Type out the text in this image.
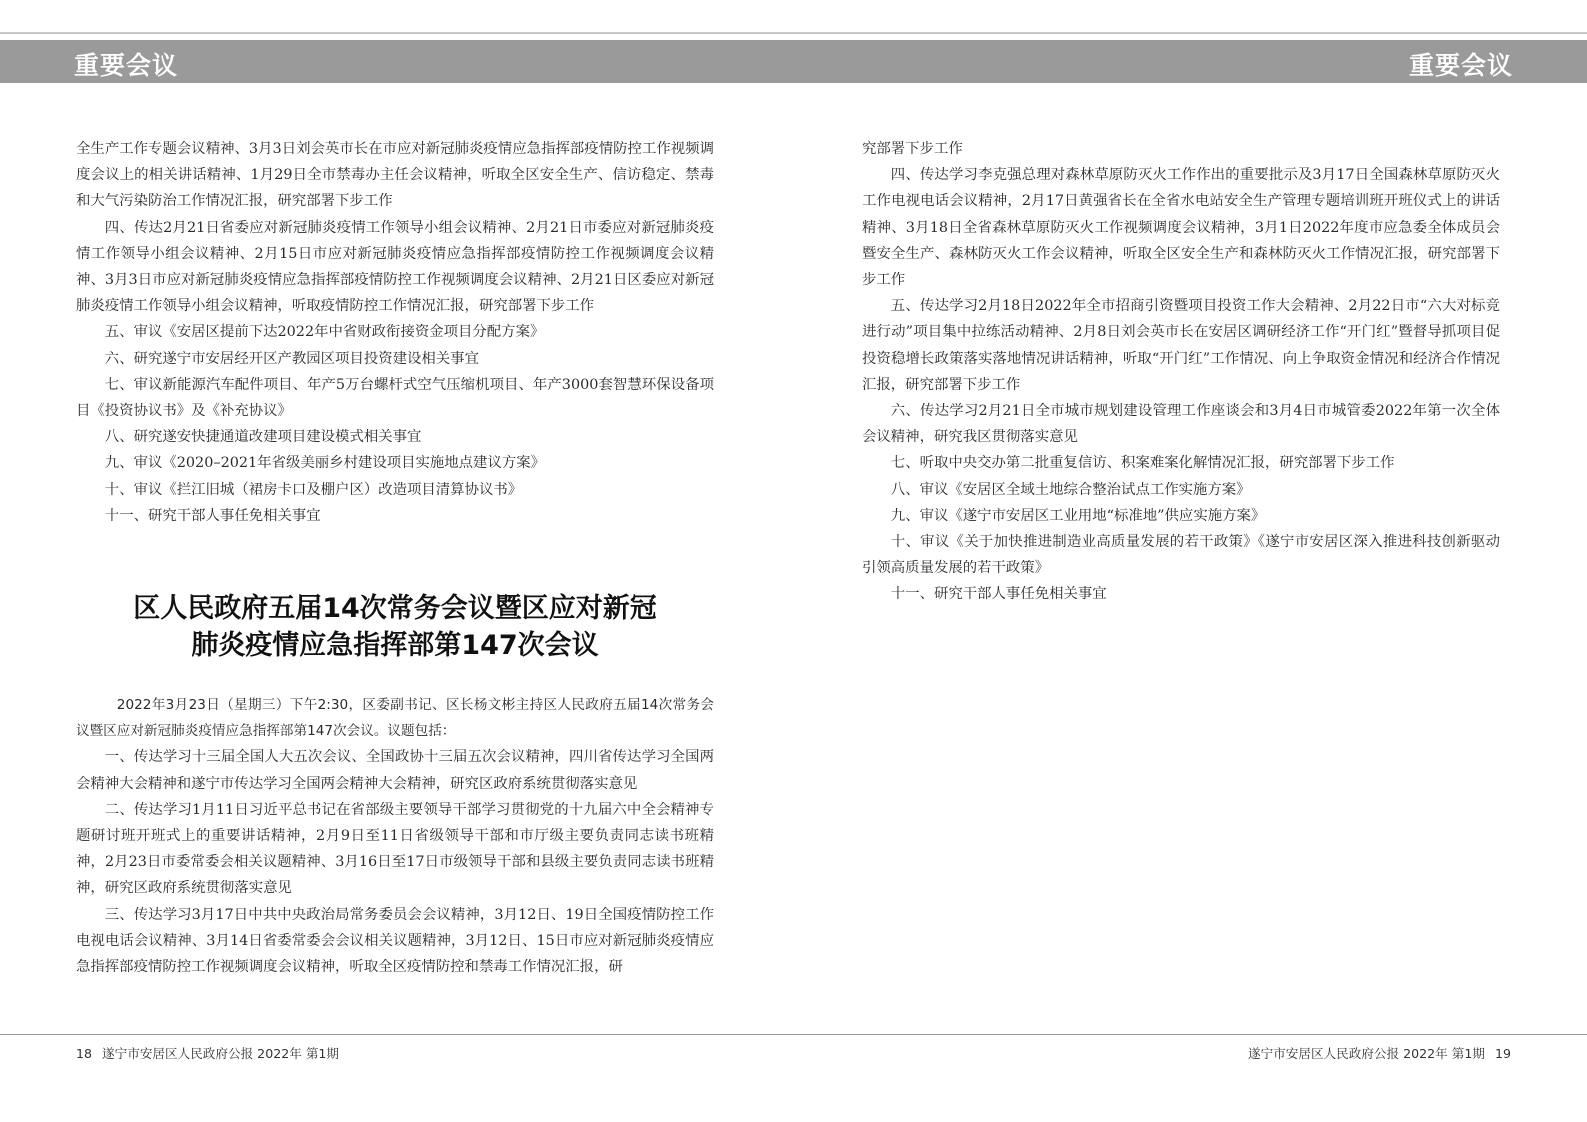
重要会议	重要会议

全生产工作专题会议精神、3月3日刘会英市长在市应对新冠肺炎疫情应急指挥部疫情防控工作视频调度会议上的相关讲话精神、1月29日全市禁毒办主任会议精神，听取全区安全生产、信访稳定、禁毒和大气污染防治工作情况汇报，研究部署下步工作

四、传达2月21日省委应对新冠肺炎疫情工作领导小组会议精神、2月21日市委应对新冠肺炎疫情工作领导小组会议精神、2月15日市应对新冠肺炎疫情应急指挥部疫情防控工作视频调度会议精神、3月3日市应对新冠肺炎疫情应急指挥部疫情防控工作视频调度会议精神、2月21日区委应对新冠肺炎疫情工作领导小组会议精神，听取疫情防控工作情况汇报，研究部署下步工作

五、审议《安居区提前下达2022年中省财政衔接资金项目分配方案》

六、研究遂宁市安居经开区产教园区项目投资建设相关事宜

七、审议新能源汽车配件项目、年产5万台螺杆式空气压缩机项目、年产3000套智慧环保设备项目《投资协议书》及《补充协议》

八、研究遂安快捷通道改建项目建设模式相关事宜

九、审议《2020–2021年省级美丽乡村建设项目实施地点建议方案》

十、审议《拦江旧城（裙房卡口及棚户区）改造项目清算协议书》

十一、研究干部人事任免相关事宜

区人民政府五届14次常务会议暨区应对新冠
肺炎疫情应急指挥部第147次会议

2022年3月23日（星期三）下午2:30，区委副书记、区长杨文彬主持区人民政府五届14次常务会议暨区应对新冠肺炎疫情应急指挥部第147次会议。议题包括：

一、传达学习十三届全国人大五次会议、全国政协十三届五次会议精神，四川省传达学习全国两会精神大会精神和遂宁市传达学习全国两会精神大会精神，研究区政府系统贯彻落实意见

二、传达学习1月11日习近平总书记在省部级主要领导干部学习贯彻党的十九届六中全会精神专题研讨班开班式上的重要讲话精神，2月9日至11日省级领导干部和市厅级主要负责同志读书班精神，2月23日市委常委会相关议题精神、3月16日至17日市级领导干部和县级主要负责同志读书班精神，研究区政府系统贯彻落实意见

三、传达学习3月17日中共中央政治局常务委员会会议精神，3月12日、19日全国疫情防控工作电视电话会议精神、3月14日省委常委会会议相关议题精神，3月12日、15日市应对新冠肺炎疫情应急指挥部疫情防控工作视频调度会议精神，听取全区疫情防控和禁毒工作情况汇报，研

究部署下步工作

四、传达学习李克强总理对森林草原防灭火工作作出的重要批示及3月17日全国森林草原防灭火工作电视电话会议精神，2月17日黄强省长在全省水电站安全生产管理专题培训班开班仪式上的讲话精神、3月18日全省森林草原防灭火工作视频调度会议精神，3月1日2022年度市应急委全体成员会暨安全生产、森林防灭火工作会议精神，听取全区安全生产和森林防灭火工作情况汇报，研究部署下步工作

五、传达学习2月18日2022年全市招商引资暨项目投资工作大会精神、2月22日市“六大对标竞进行动”项目集中拉练活动精神、2月8日刘会英市长在安居区调研经济工作“开门红”暨督导抓项目促投资稳增长政策落实落地情况讲话精神，听取“开门红”工作情况、向上争取资金情况和经济合作情况汇报，研究部署下步工作

六、传达学习2月21日全市城市规划建设管理工作座谈会和3月4日市城管委2022年第一次全体会议精神，研究我区贯彻落实意见

七、听取中央交办第二批重复信访、积案难案化解情况汇报，研究部署下步工作

八、审议《安居区全域土地综合整治试点工作实施方案》

九、审议《遂宁市安居区工业用地“标准地”供应实施方案》

十、审议《关于加快推进制造业高质量发展的若干政策》《遂宁市安居区深入推进科技创新驱动引领高质量发展的若干政策》

十一、研究干部人事任免相关事宜

18 遂宁市安居区人民政府公报 2022年 第1期	遂宁市安居区人民政府公报 2022年 第1期 19
